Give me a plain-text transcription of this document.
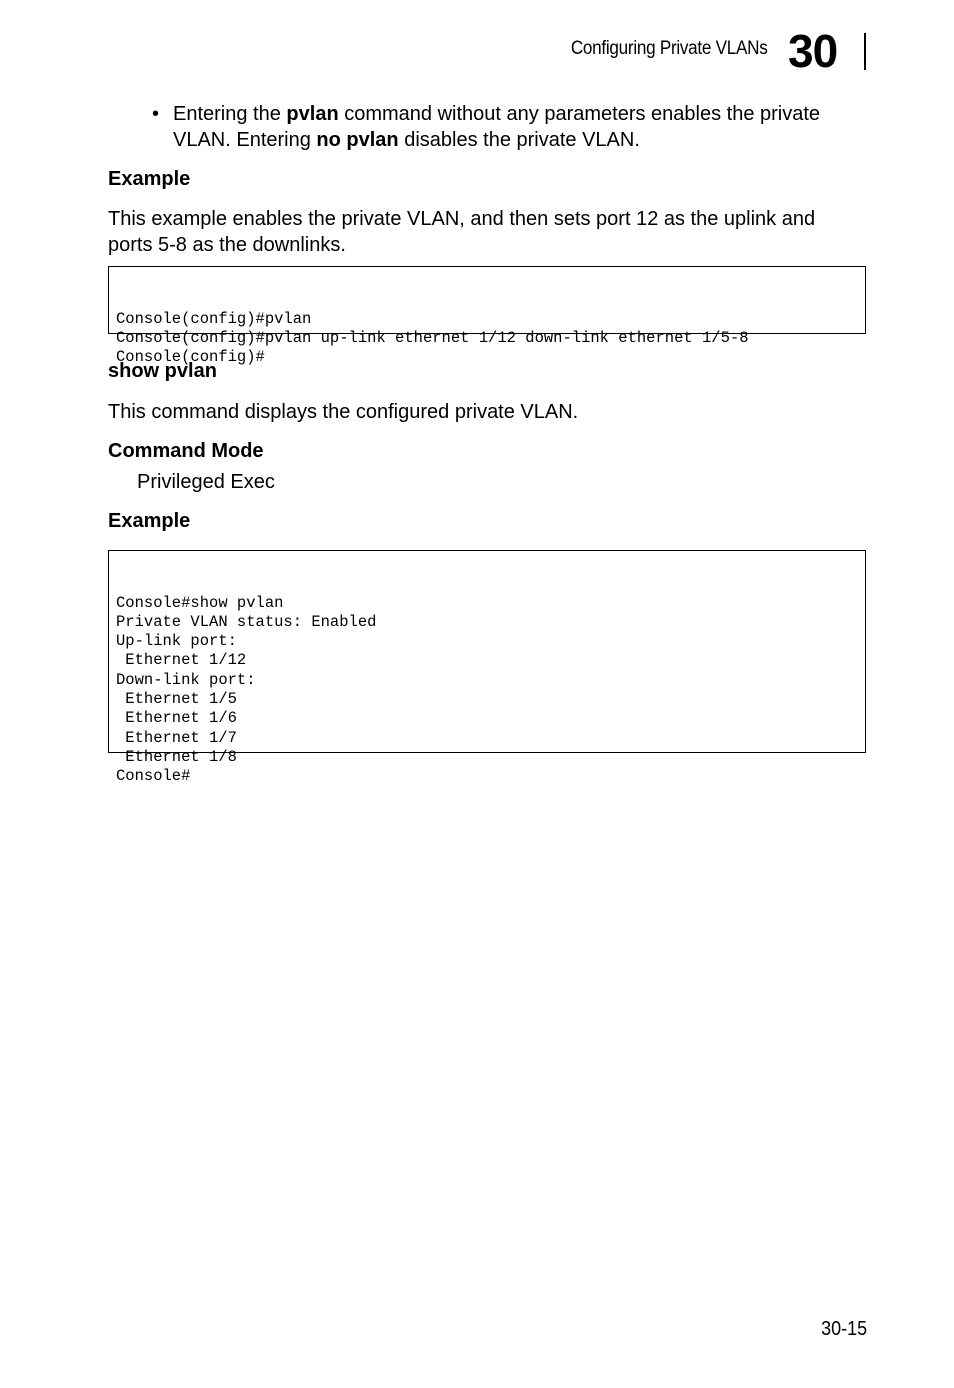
Configuring Private VLANs 30
• Entering the pvlan command without any parameters enables the private VLAN. Entering no pvlan disables the private VLAN.
Example
This example enables the private VLAN, and then sets port 12 as the uplink and ports 5-8 as the downlinks.

Console(config)#pvlan
Console(config)#pvlan up-link ethernet 1/12 down-link ethernet 1/5-8
Console(config)#

show pvlan
This command displays the configured private VLAN.
Command Mode
Privileged Exec
Example

Console#show pvlan
Private VLAN status: Enabled
Up-link port:
Ethernet 1/12
Down-link port:
Ethernet 1/5
Ethernet 1/6
Ethernet 1/7
Ethernet 1/8
Console#

30-15
